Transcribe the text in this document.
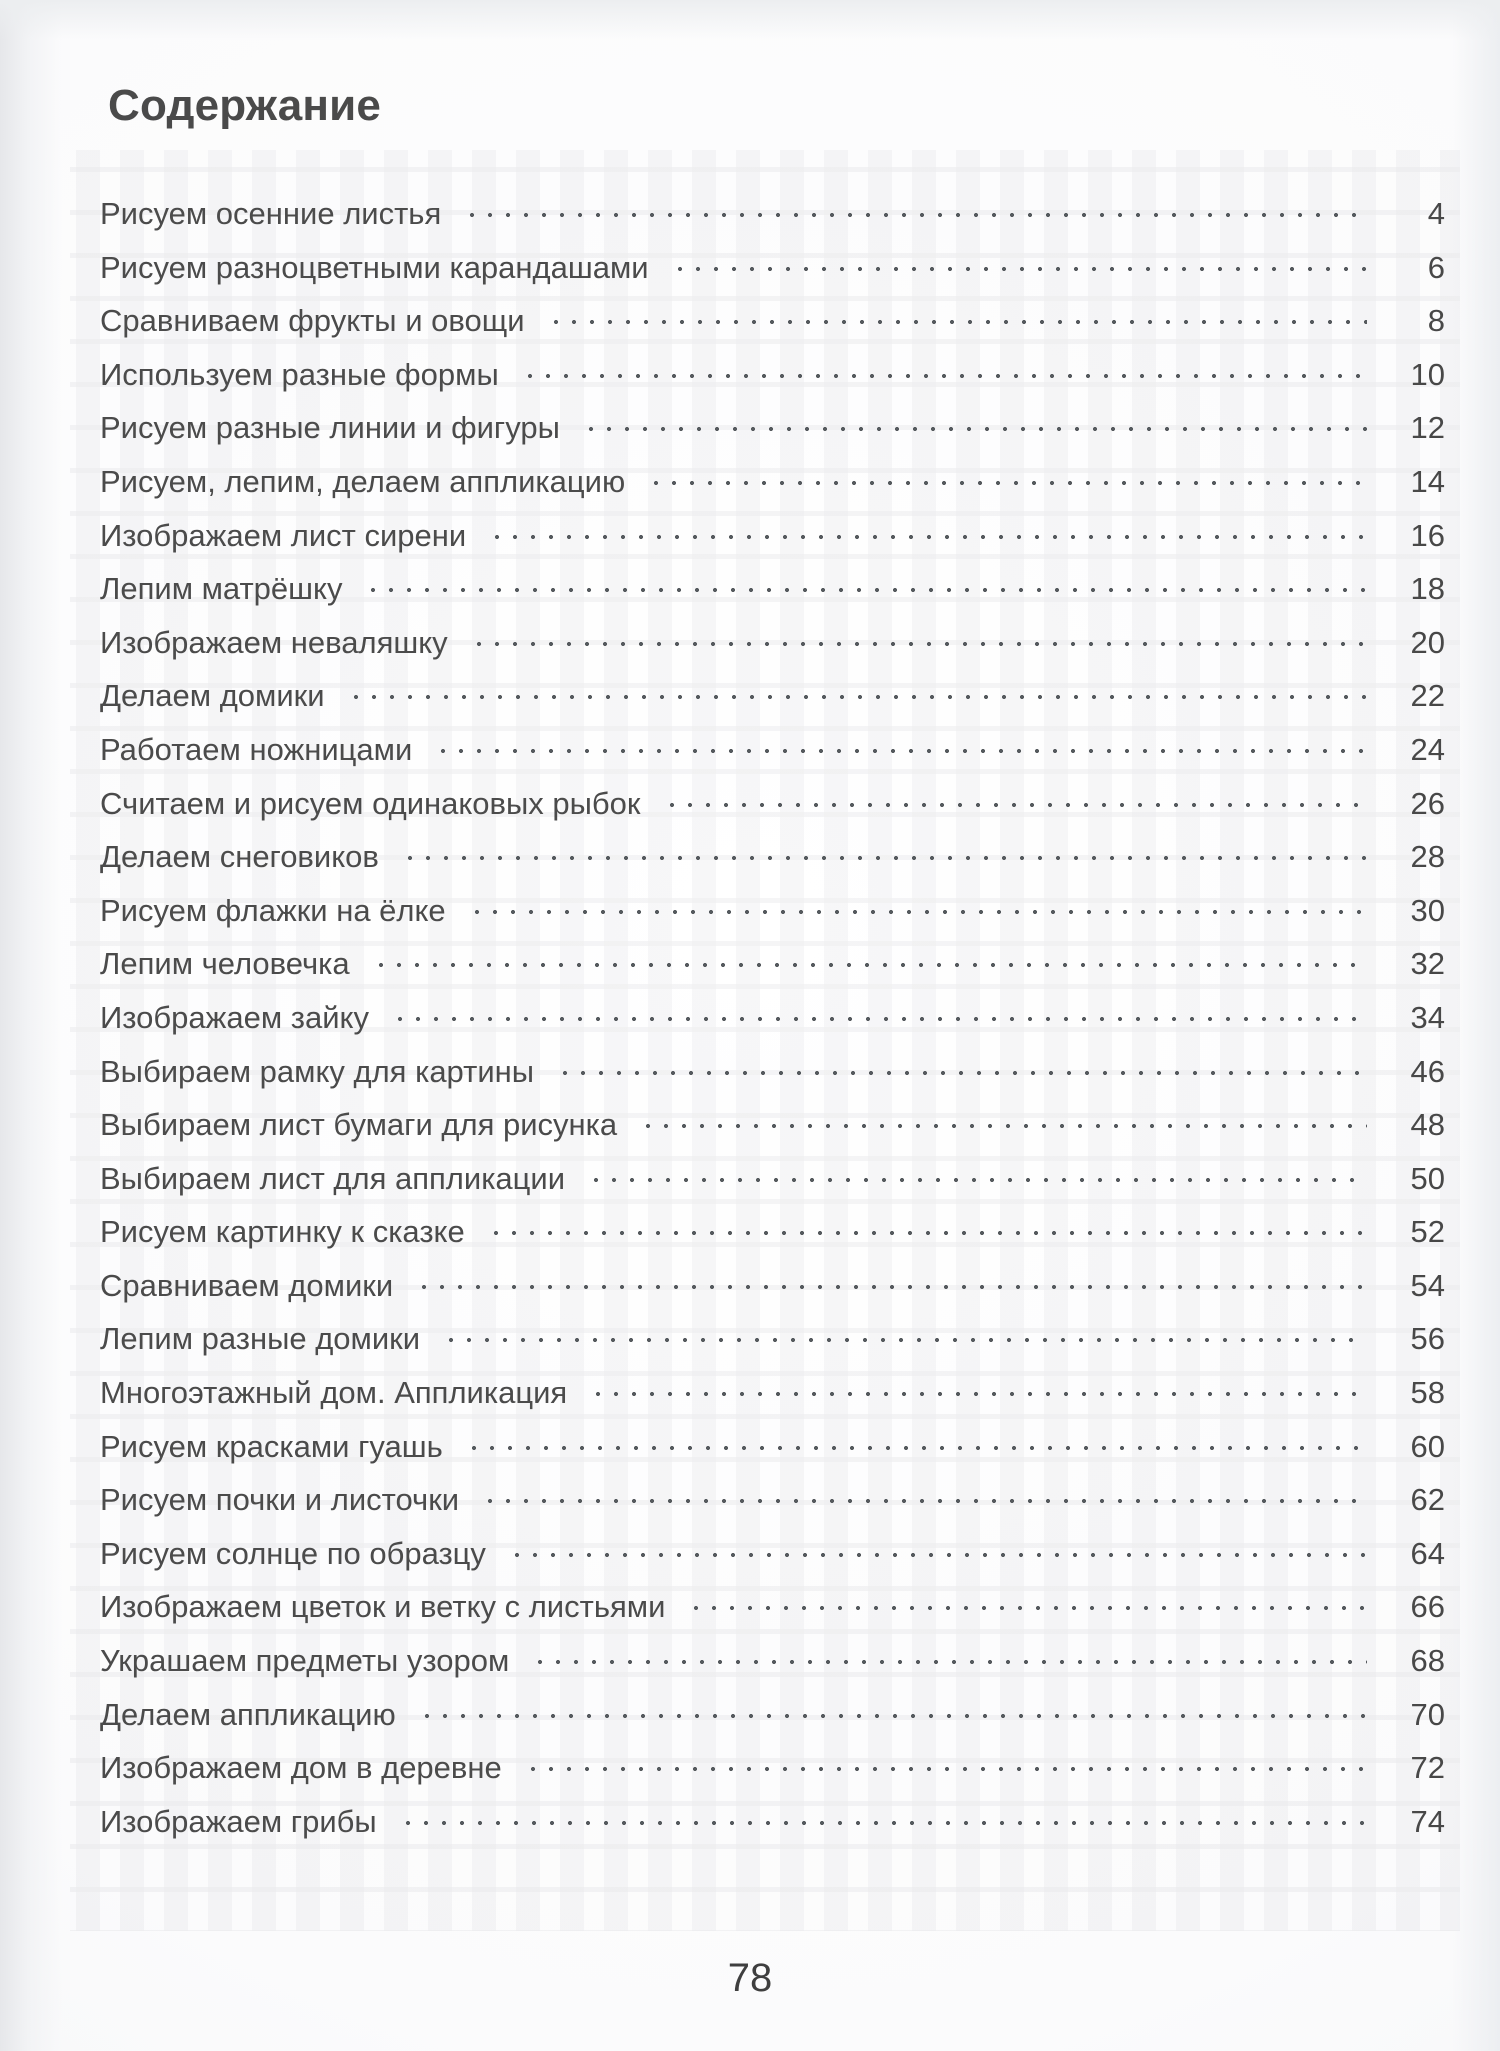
Содержание
Рисуем осенние листья	4
Рисуем разноцветными карандашами	6
Сравниваем фрукты и овощи	8
Используем разные формы	10
Рисуем разные линии и фигуры	12
Рисуем, лепим, делаем аппликацию	14
Изображаем лист сирени	16
Лепим матрёшку	18
Изображаем неваляшку	20
Делаем домики	22
Работаем ножницами	24
Считаем и рисуем одинаковых рыбок	26
Делаем снеговиков	28
Рисуем флажки на ёлке	30
Лепим человечка	32
Изображаем зайку	34
Выбираем рамку для картины	46
Выбираем лист бумаги для рисунка	48
Выбираем лист для аппликации	50
Рисуем картинку к сказке	52
Сравниваем домики	54
Лепим разные домики	56
Многоэтажный дом. Аппликация	58
Рисуем красками гуашь	60
Рисуем почки и листочки	62
Рисуем солнце по образцу	64
Изображаем цветок и ветку с листьями	66
Украшаем предметы узором	68
Делаем аппликацию	70
Изображаем дом в деревне	72
Изображаем грибы	74
78
